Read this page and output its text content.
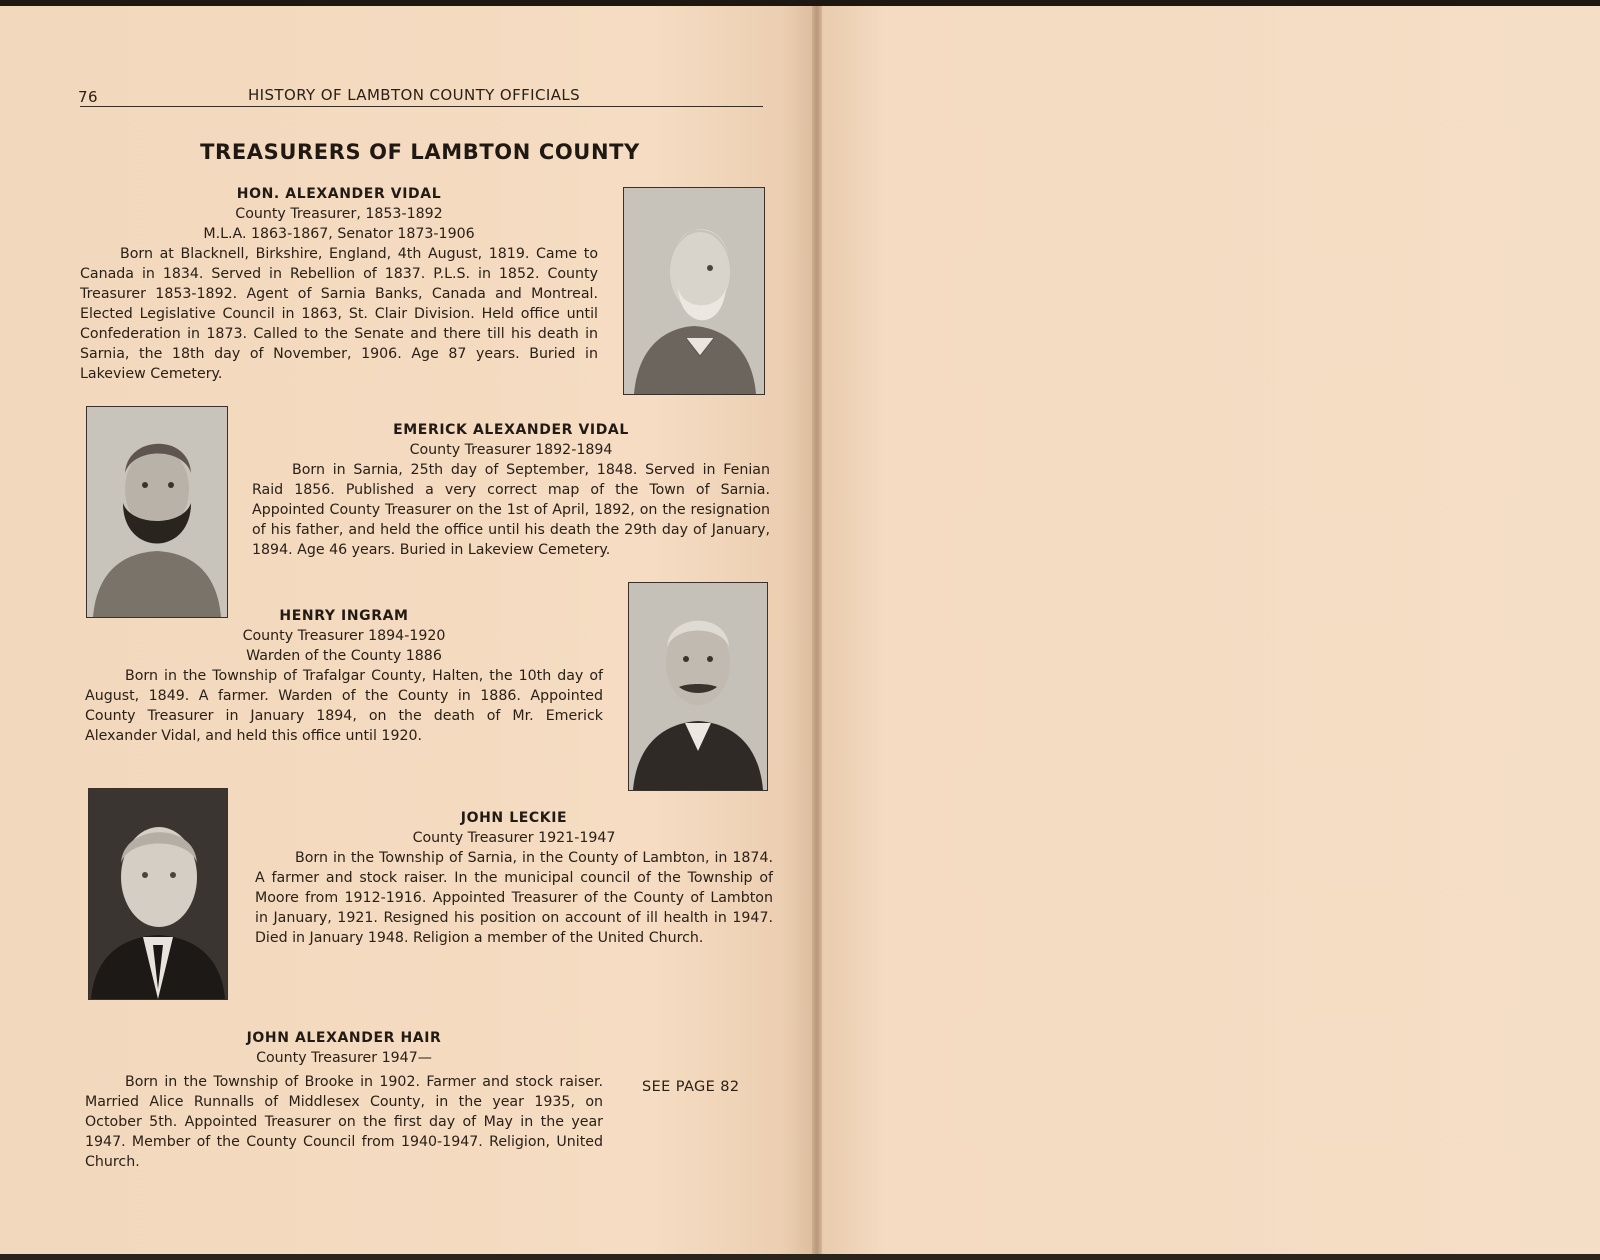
76	HISTORY OF LAMBTON COUNTY OFFICIALS
TREASURERS OF LAMBTON COUNTY
HON. ALEXANDER VIDAL
County Treasurer, 1853-1892
M.L.A. 1863-1867, Senator 1873-1906
Born at Blacknell, Birkshire, England, 4th August, 1819. Came to Canada in 1834. Served in Rebellion of 1837. P.L.S. in 1852. County Treasurer 1853-1892. Agent of Sarnia Banks, Canada and Montreal. Elected Legislative Council in 1863, St. Clair Division. Held office until Confederation in 1873. Called to the Senate and there till his death in Sarnia, the 18th day of November, 1906. Age 87 years. Buried in Lakeview Cemetery.
EMERICK ALEXANDER VIDAL
County Treasurer 1892-1894
Born in Sarnia, 25th day of September, 1848. Served in Fenian Raid 1856. Published a very correct map of the Town of Sarnia. Appointed County Treasurer on the 1st of April, 1892, on the resignation of his father, and held the office until his death the 29th day of January, 1894. Age 46 years. Buried in Lakeview Cemetery.
HENRY INGRAM
County Treasurer 1894-1920
Warden of the County 1886
Born in the Township of Trafalgar County, Halten, the 10th day of August, 1849. A farmer. Warden of the County in 1886. Appointed County Treasurer in January 1894, on the death of Mr. Emerick Alexander Vidal, and held this office until 1920.
JOHN LECKIE
County Treasurer 1921-1947
Born in the Township of Sarnia, in the County of Lambton, in 1874. A farmer and stock raiser. In the municipal council of the Township of Moore from 1912-1916. Appointed Treasurer of the County of Lambton in January, 1921. Resigned his position on account of ill health in 1947. Died in January 1948. Religion a member of the United Church.
JOHN ALEXANDER HAIR
County Treasurer 1947—
Born in the Township of Brooke in 1902. Farmer and stock raiser. Married Alice Runnalls of Middlesex County, in the year 1935, on October 5th. Appointed Treasurer on the first day of May in the year 1947. Member of the County Council from 1940-1947. Religion, United Church.
SEE PAGE 82
